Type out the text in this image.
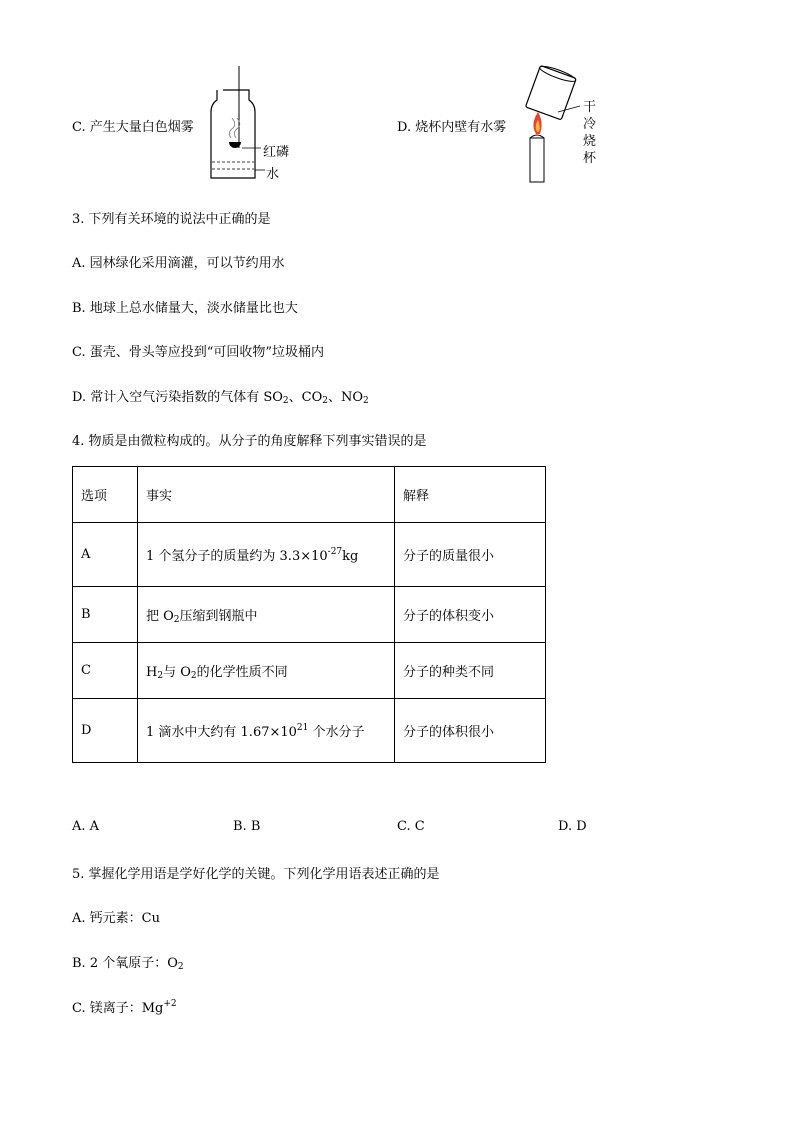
C. 产生大量白色烟雾
红磷
水
D. 烧杯内壁有水雾
干
冷
烧
杯
3. 下列有关环境的说法中正确的是
A. 园林绿化采用滴灌，可以节约用水
B. 地球上总水储量大，淡水储量比也大
C. 蛋壳、骨头等应投到“可回收物”垃圾桶内
D. 常计入空气污染指数的气体有 $SO_2$、$CO_2$、$NO_2$
4. 物质是由微粒构成的。从分子的角度解释下列事实错误的是
选项	事实	解释
A	1 个氢分子的质量约为 $3.3\times 10^{-27}kg$	分子的质量很小
B	把 $O_2$压缩到钢瓶中	分子的体积变小
C	$H_2$与 $O_2$的化学性质不同	分子的种类不同
D	1 滴水中大约有 $1.67\times 10^{21}$ 个水分子	分子的体积很小
A. A	B. B	C. C	D. D
5. 掌握化学用语是学好化学的关键。下列化学用语表述正确的是
A. 钙元素：Cu
B. 2 个氧原子：$O_2$
C. 镁离子：$Mg^{+2}$
